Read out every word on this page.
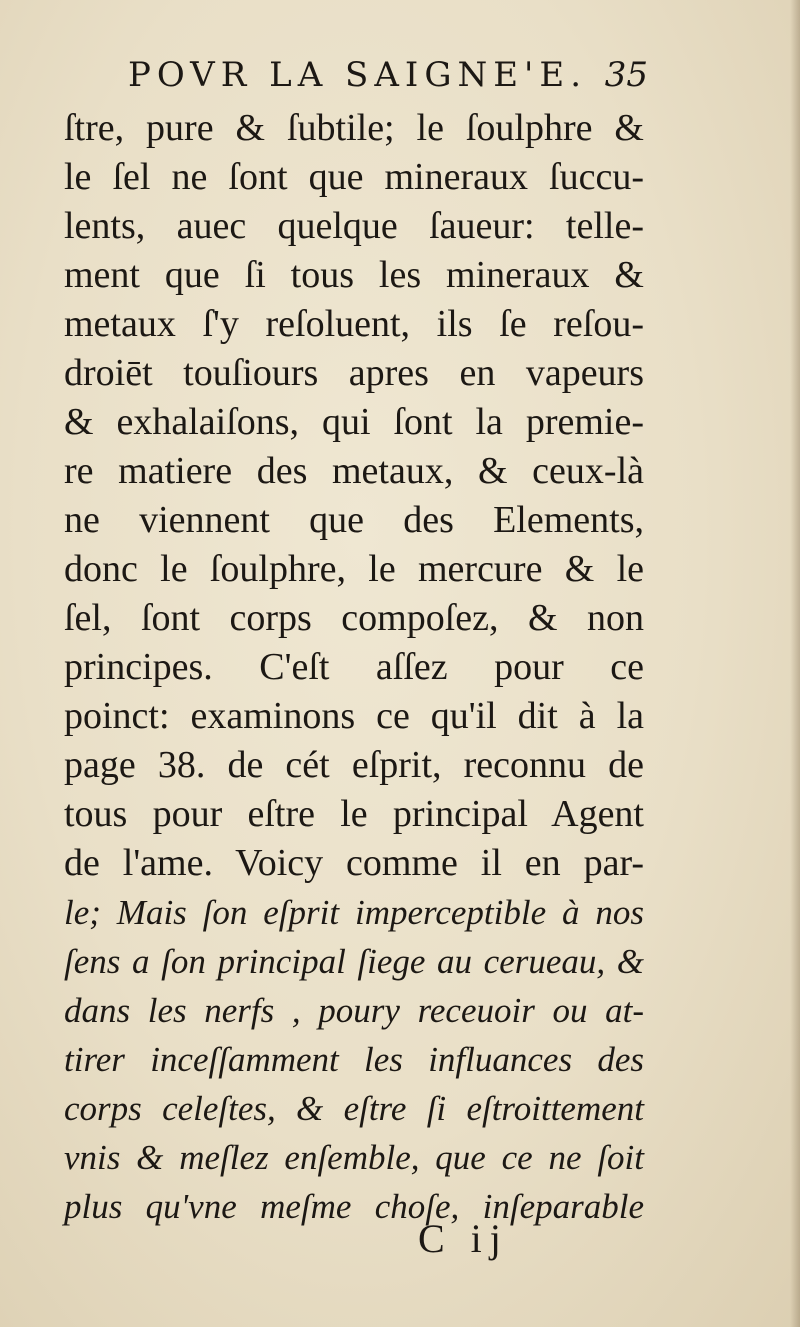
POVR LA SAIGNE'E. 35
ſtre, pure & ſubtile; le ſoulphre &
le ſel ne ſont que mineraux ſuccu-
lents, auec quelque ſaueur: telle-
ment que ſi tous les mineraux &
metaux ſ'y reſoluent, ils ſe reſou-
droiēt touſiours apres en vapeurs
& exhalaiſons, qui ſont la premie-
re matiere des metaux, & ceux-là
ne viennent que des Elements,
donc le ſoulphre, le mercure & le
ſel, ſont corps compoſez, & non
principes. C'eſt aſſez pour ce
poinct: examinons ce qu'il dit à la
page 38. de cét eſprit, reconnu de
tous pour eſtre le principal Agent
de l'ame. Voicy comme il en par-
le; Mais ſon eſprit imperceptible à nos
ſens a ſon principal ſiege au cerueau, &
dans les nerfs , poury receuoir ou at-
tirer inceſſamment les influances des
corps celeſtes, & eſtre ſi eſtroittement
vnis & meſlez enſemble, que ce ne ſoit
plus qu'vne meſme choſe, inſeparable
C ij
